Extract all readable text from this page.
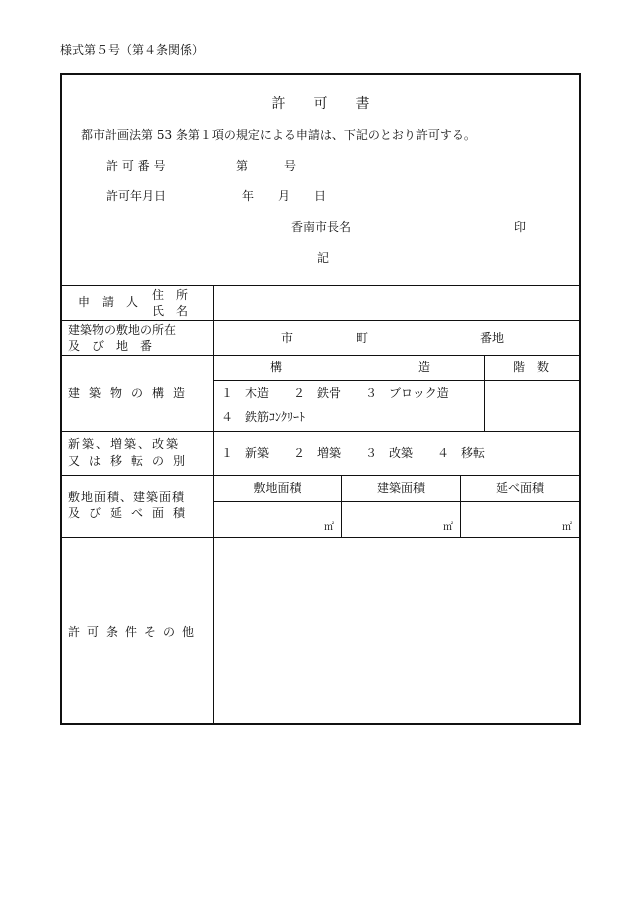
様式第５号（第４条関係）
許　　可　　書
都市計画法第 53 条第１項の規定による申請は、下記のとおり許可する。
許 可 番 号	第　　　号
許可年月日	年　　月　　日
香南市長名	印
記
申　請　人 住　所
氏　名
建築物の敷地の所在
及　び　地　番
市	町	番地
建築物の構造
構	造	階　数
１　木造　　２　鉄骨　　３　ブロック造
４　鉄筋ｺﾝｸﾘｰﾄ
新築、増築、改築
又は移転の別
１　新築　　２　増築　　３　改築　　４　移転
敷地面積、建築面積
及び延べ面積
敷地面積	建築面積	延べ面積
㎡	㎡	㎡
許可条件その他
